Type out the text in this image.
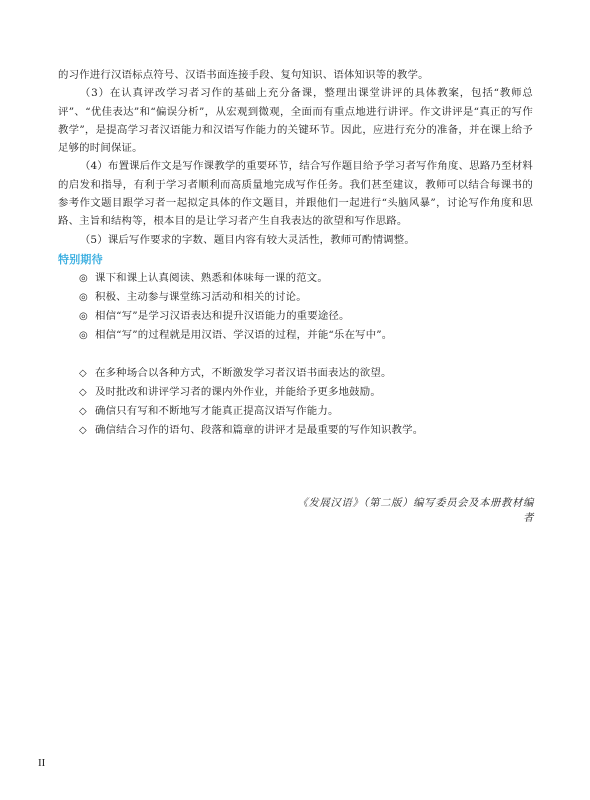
的习作进行汉语标点符号、汉语书面连接手段、复句知识、语体知识等的教学。

（3）在认真评改学习者习作的基础上充分备课，整理出课堂讲评的具体教案，包括“教师总评”、“优佳表达”和“偏误分析”，从宏观到微观，全面而有重点地进行讲评。作文讲评是“真正的写作教学”，是提高学习者汉语能力和汉语写作能力的关键环节。因此，应进行充分的准备，并在课上给予足够的时间保证。

（4）布置课后作文是写作课教学的重要环节，结合写作题目给予学习者写作角度、思路乃至材料的启发和指导，有利于学习者顺利而高质量地完成写作任务。我们甚至建议，教师可以结合每课书的参考作文题目跟学习者一起拟定具体的作文题目，并跟他们一起进行“头脑风暴”，讨论写作角度和思路、主旨和结构等，根本目的是让学习者产生自我表达的欲望和写作思路。

（5）课后写作要求的字数、题目内容有较大灵活性，教师可酌情调整。

特别期待
◎ 课下和课上认真阅读、熟悉和体味每一课的范文。
◎ 积极、主动参与课堂练习活动和相关的讨论。
◎ 相信“写”是学习汉语表达和提升汉语能力的重要途径。
◎ 相信“写”的过程就是用汉语、学汉语的过程，并能“乐在写中”。
◇ 在多种场合以各种方式，不断激发学习者汉语书面表达的欲望。
◇ 及时批改和讲评学习者的课内外作业，并能给予更多地鼓励。
◇ 确信只有写和不断地写才能真正提高汉语写作能力。
◇ 确信结合习作的语句、段落和篇章的讲评才是最重要的写作知识教学。
《发展汉语》（第二版）编写委员会及本册教材编者
II
